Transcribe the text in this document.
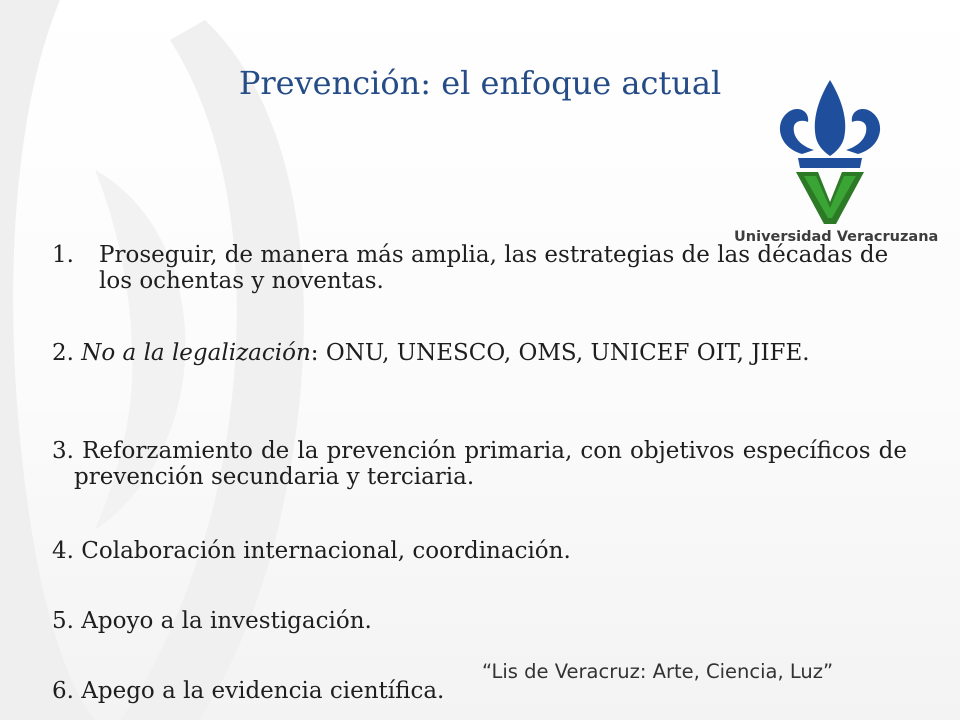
Prevención: el enfoque actual
Universidad Veracruzana
1.	Proseguir, de manera más amplia, las estrategias de las décadas de los ochentas y noventas.
2. No a la legalización: ONU, UNESCO, OMS, UNICEF OIT, JIFE.
3. Reforzamiento de la prevención primaria, con objetivos específicos de prevención secundaria y terciaria.
4. Colaboración internacional, coordinación.
5. Apoyo a la investigación.
6. Apego a la evidencia científica.
“Lis de Veracruz: Arte, Ciencia, Luz”
